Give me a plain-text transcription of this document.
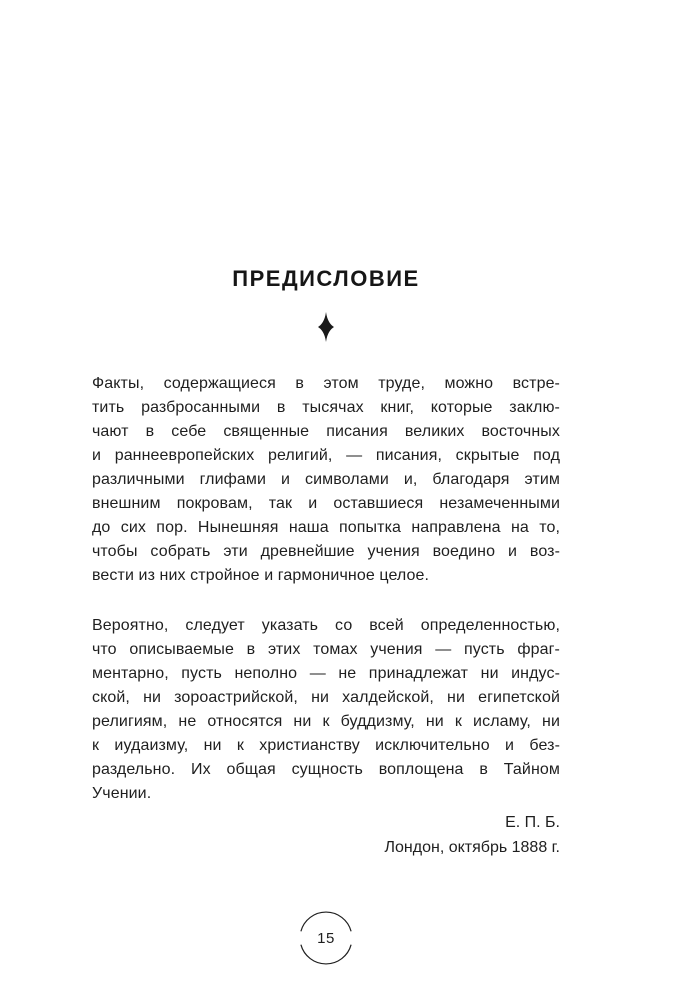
ПРЕДИСЛОВИЕ
Факты, содержащиеся в этом труде, можно встре-
тить разбросанными в тысячах книг, которые заклю-
чают в себе священные писания великих восточных
и раннеевропейских религий, — писания, скрытые под
различными глифами и символами и, благодаря этим
внешним покровам, так и оставшиеся незамеченными
до сих пор. Нынешняя наша попытка направлена на то,
чтобы собрать эти древнейшие учения воедино и воз-
вести из них стройное и гармоничное целое.
Вероятно, следует указать со всей определенностью,
что описываемые в этих томах учения — пусть фраг-
ментарно, пусть неполно — не принадлежат ни индус-
ской, ни зороастрийской, ни халдейской, ни египетской
религиям, не относятся ни к буддизму, ни к исламу, ни
к иудаизму, ни к христианству исключительно и без-
раздельно. Их общая сущность воплощена в Тайном
Учении.
Е. П. Б.
Лондон, октябрь 1888 г.
15
